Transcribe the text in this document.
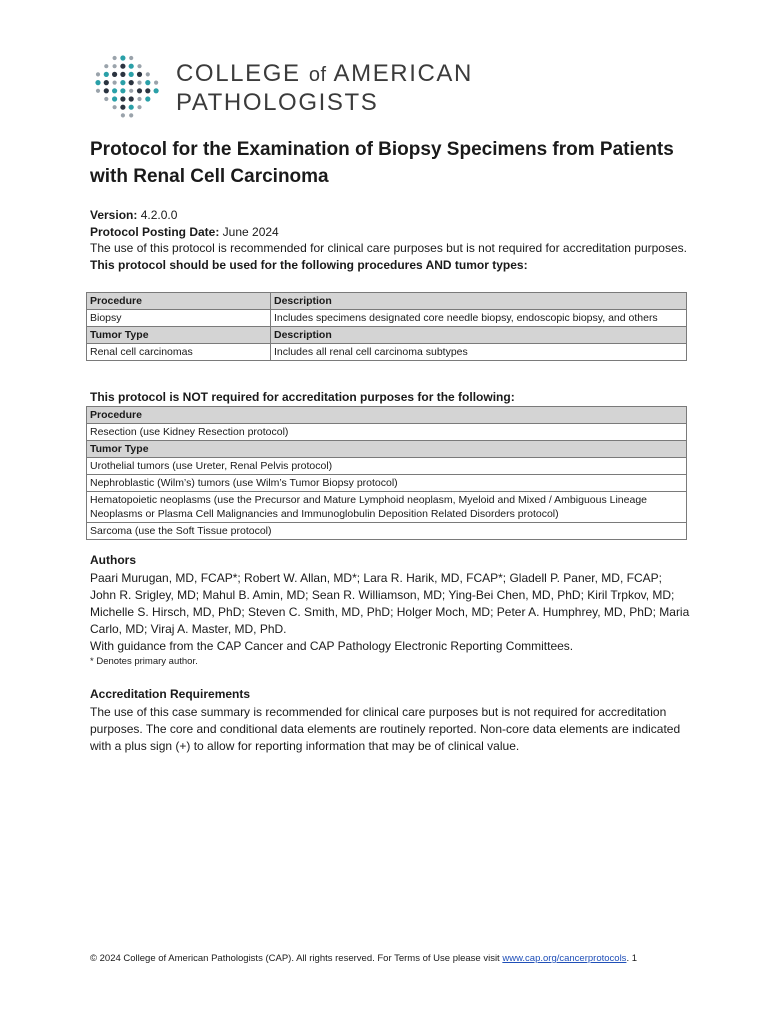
COLLEGE of AMERICAN
PATHOLOGISTS
Protocol for the Examination of Biopsy Specimens from Patients with Renal Cell Carcinoma

Version: 4.2.0.0

Protocol Posting Date: June 2024

The use of this protocol is recommended for clinical care purposes but is not required for accreditation purposes.

This protocol should be used for the following procedures AND tumor types:

Procedure	Description
Biopsy	Includes specimens designated core needle biopsy, endoscopic biopsy, and others
Tumor Type	Description
Renal cell carcinomas	Includes all renal cell carcinoma subtypes
This protocol is NOT required for accreditation purposes for the following:
Procedure
Resection (use Kidney Resection protocol)
Tumor Type
Urothelial tumors (use Ureter, Renal Pelvis protocol)
Nephroblastic (Wilm’s) tumors (use Wilm’s Tumor Biopsy protocol)
Hematopoietic neoplasms (use the Precursor and Mature Lymphoid neoplasm, Myeloid and Mixed / Ambiguous Lineage Neoplasms or Plasma Cell Malignancies and Immunoglobulin Deposition Related Disorders protocol)
Sarcoma (use the Soft Tissue protocol)
Authors

Paari Murugan, MD, FCAP*; Robert W. Allan, MD*; Lara R. Harik, MD, FCAP*; Gladell P. Paner, MD, FCAP; John R. Srigley, MD; Mahul B. Amin, MD; Sean R. Williamson, MD; Ying-Bei Chen, MD, PhD; Kiril Trpkov, MD; Michelle S. Hirsch, MD, PhD; Steven C. Smith, MD, PhD; Holger Moch, MD; Peter A. Humphrey, MD, PhD; Maria Carlo, MD; Viraj A. Master, MD, PhD.

With guidance from the CAP Cancer and CAP Pathology Electronic Reporting Committees.

* Denotes primary author.

Accreditation Requirements

The use of this case summary is recommended for clinical care purposes but is not required for accreditation purposes. The core and conditional data elements are routinely reported. Non-core data elements are indicated with a plus sign (+) to allow for reporting information that may be of clinical value.

© 2024 College of American Pathologists (CAP). All rights reserved. For Terms of Use please visit www.cap.org/cancerprotocols. 1
